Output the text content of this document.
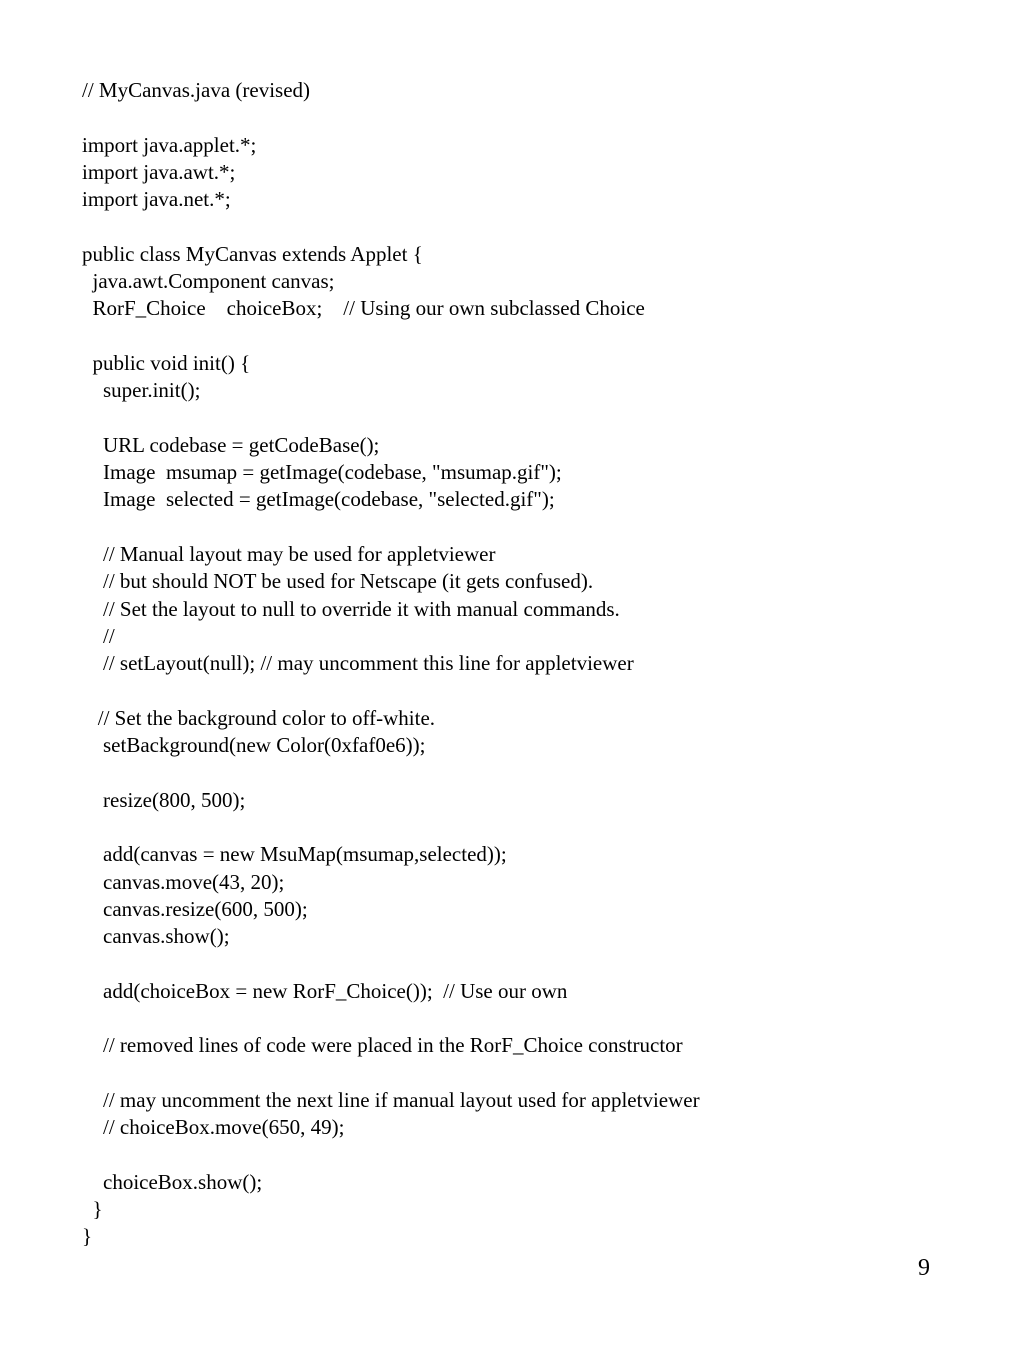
// MyCanvas.java (revised)
import java.applet.*;
import java.awt.*;
import java.net.*;
public class MyCanvas extends Applet {
java.awt.Component canvas;
RorF_Choice    choiceBox;    // Using our own subclassed Choice
public void init() {
super.init();
URL codebase = getCodeBase();
Image  msumap = getImage(codebase, "msumap.gif");
Image  selected = getImage(codebase, "selected.gif");
// Manual layout may be used for appletviewer
// but should NOT be used for Netscape (it gets confused).
// Set the layout to null to override it with manual commands.
//
// setLayout(null); // may uncomment this line for appletviewer
// Set the background color to off-white.
setBackground(new Color(0xfaf0e6));
resize(800, 500);
add(canvas = new MsuMap(msumap,selected));
canvas.move(43, 20);
canvas.resize(600, 500);
canvas.show();
add(choiceBox = new RorF_Choice());  // Use our own
// removed lines of code were placed in the RorF_Choice constructor
// may uncomment the next line if manual layout used for appletviewer
// choiceBox.move(650, 49);
choiceBox.show();
}
}
9
